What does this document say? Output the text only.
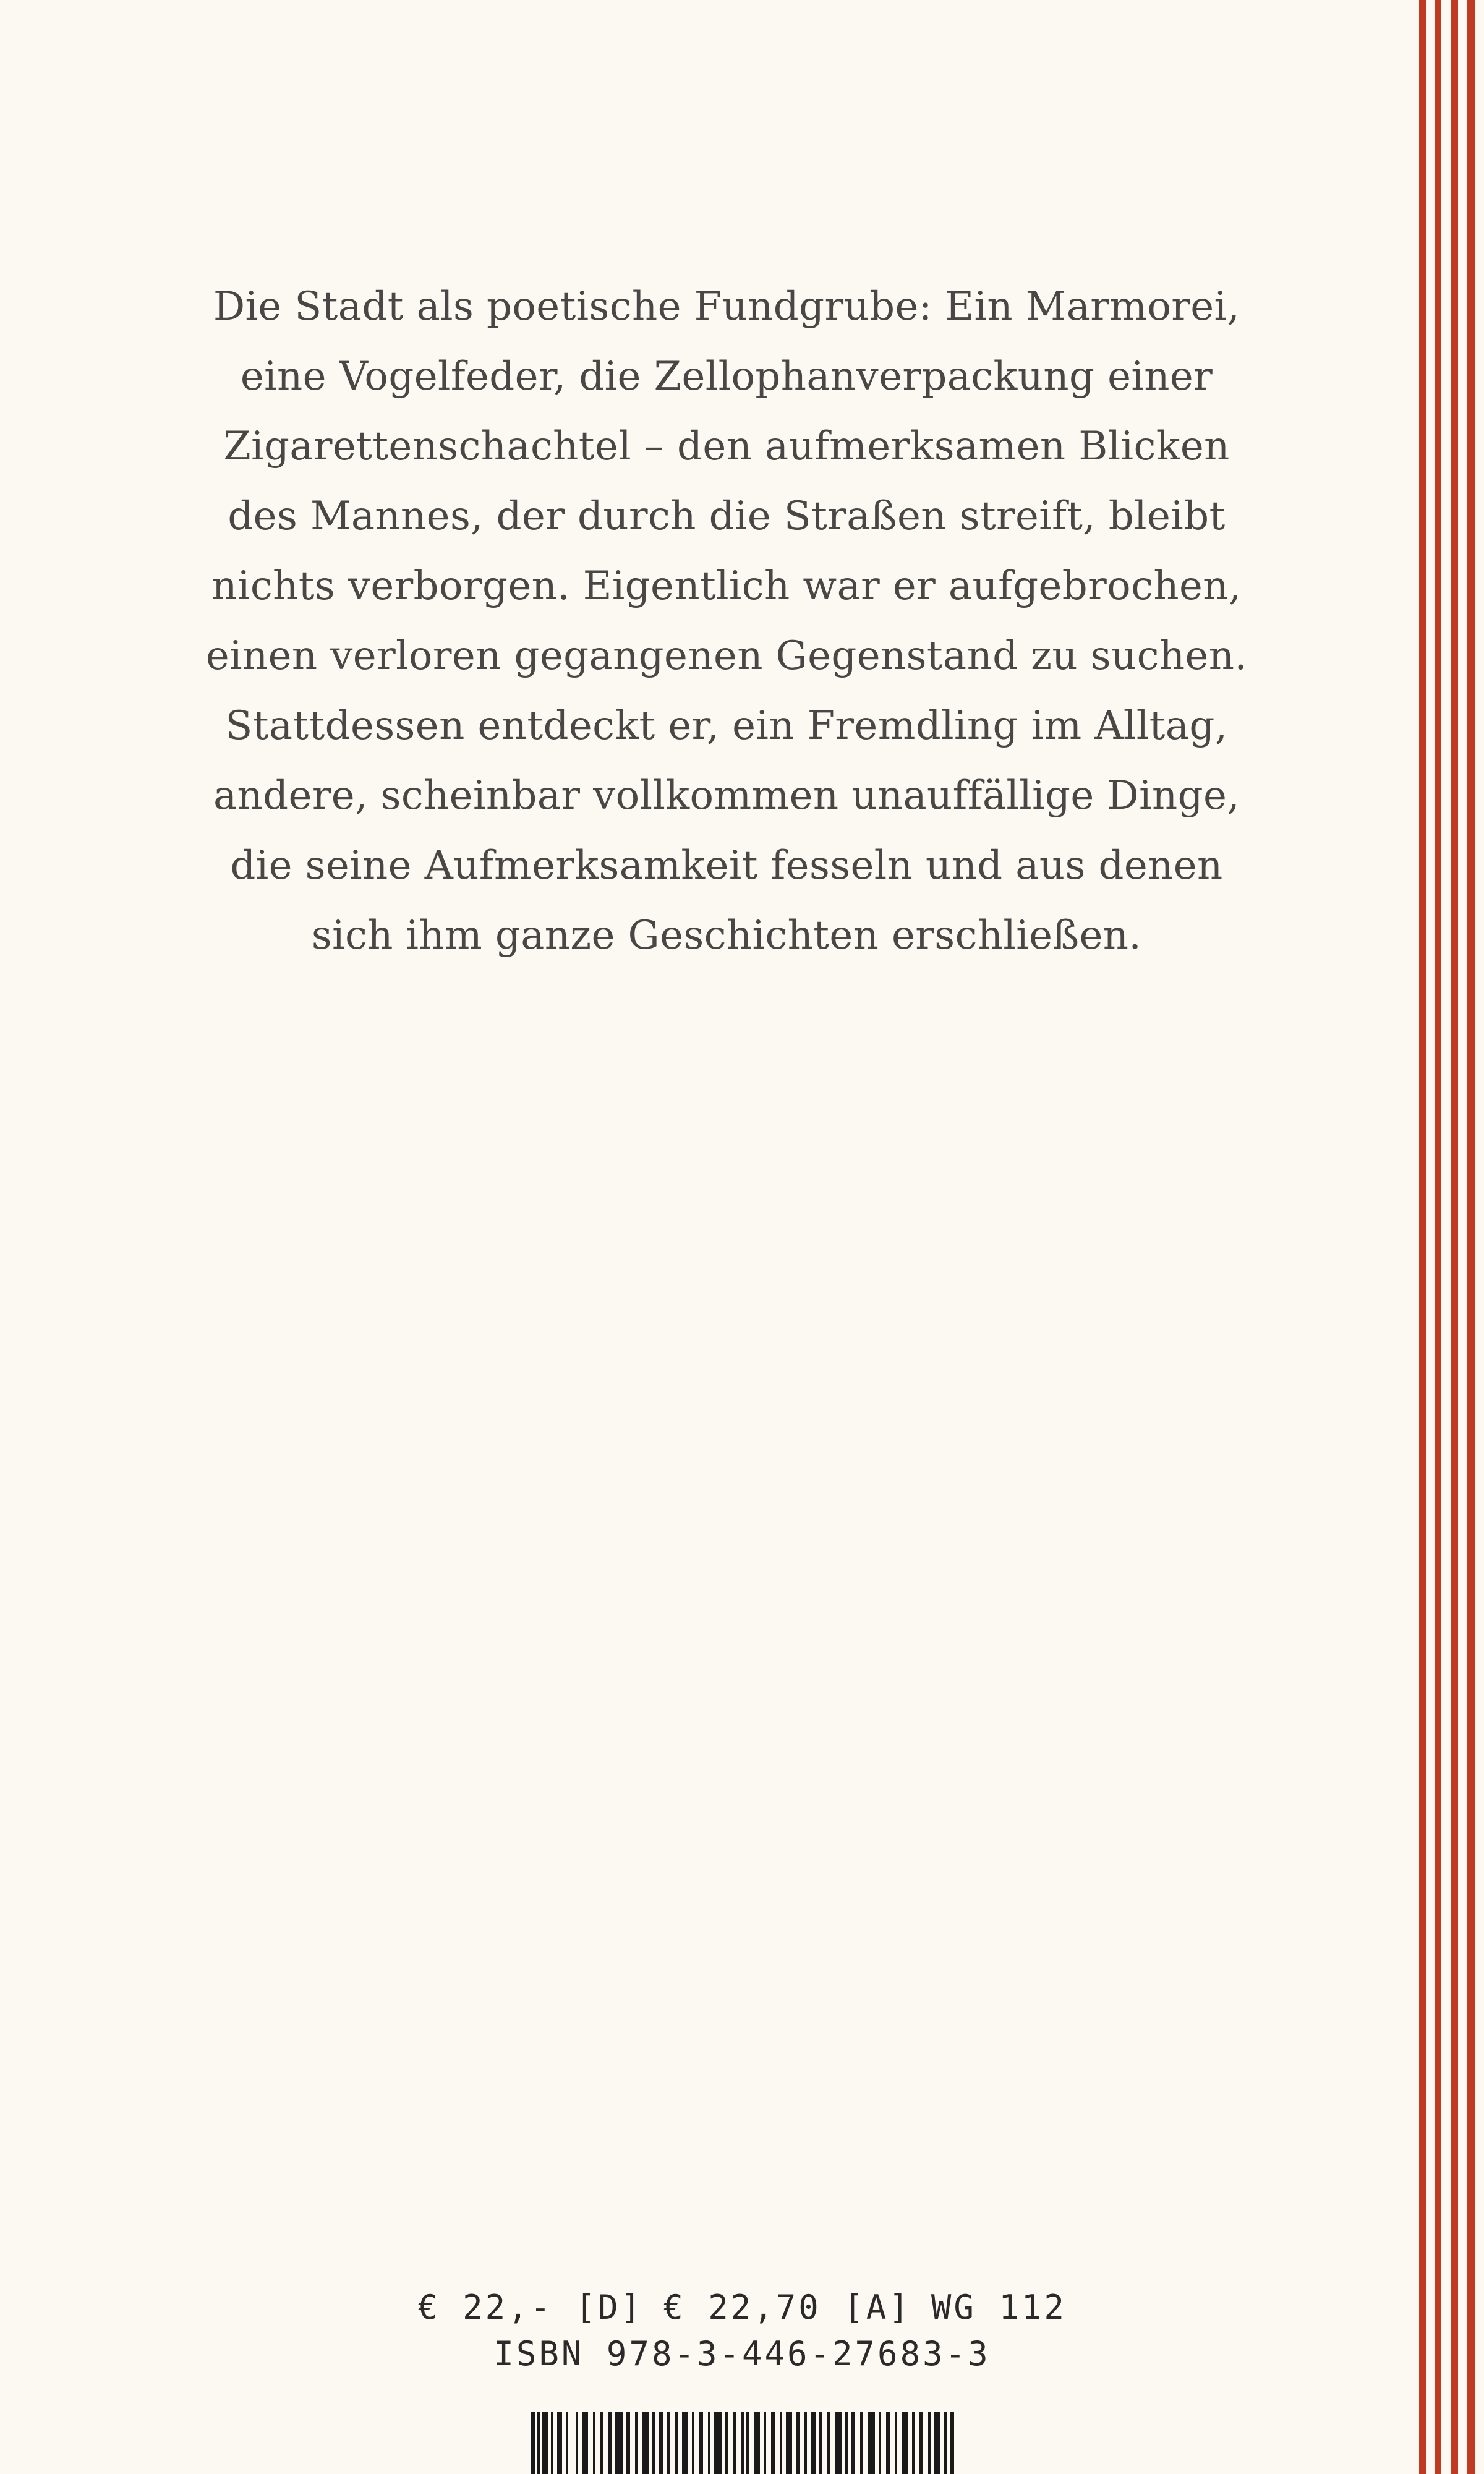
Die Stadt als poetische Fundgrube: Ein Marmorei,
eine Vogelfeder, die Zellophanverpackung einer
Zigarettenschachtel – den aufmerksamen Blicken
des Mannes, der durch die Straßen streift, bleibt
nichts verborgen. Eigentlich war er aufgebrochen,
einen verloren gegangenen Gegenstand zu suchen.
Stattdessen entdeckt er, ein Fremdling im Alltag,
andere, scheinbar vollkommen unauffällige Dinge,
die seine Aufmerksamkeit fesseln und aus denen
sich ihm ganze Geschichten erschließen.
€ 22,- [D] € 22,70 [A] WG 112
ISBN 978-3-446-27683-3
